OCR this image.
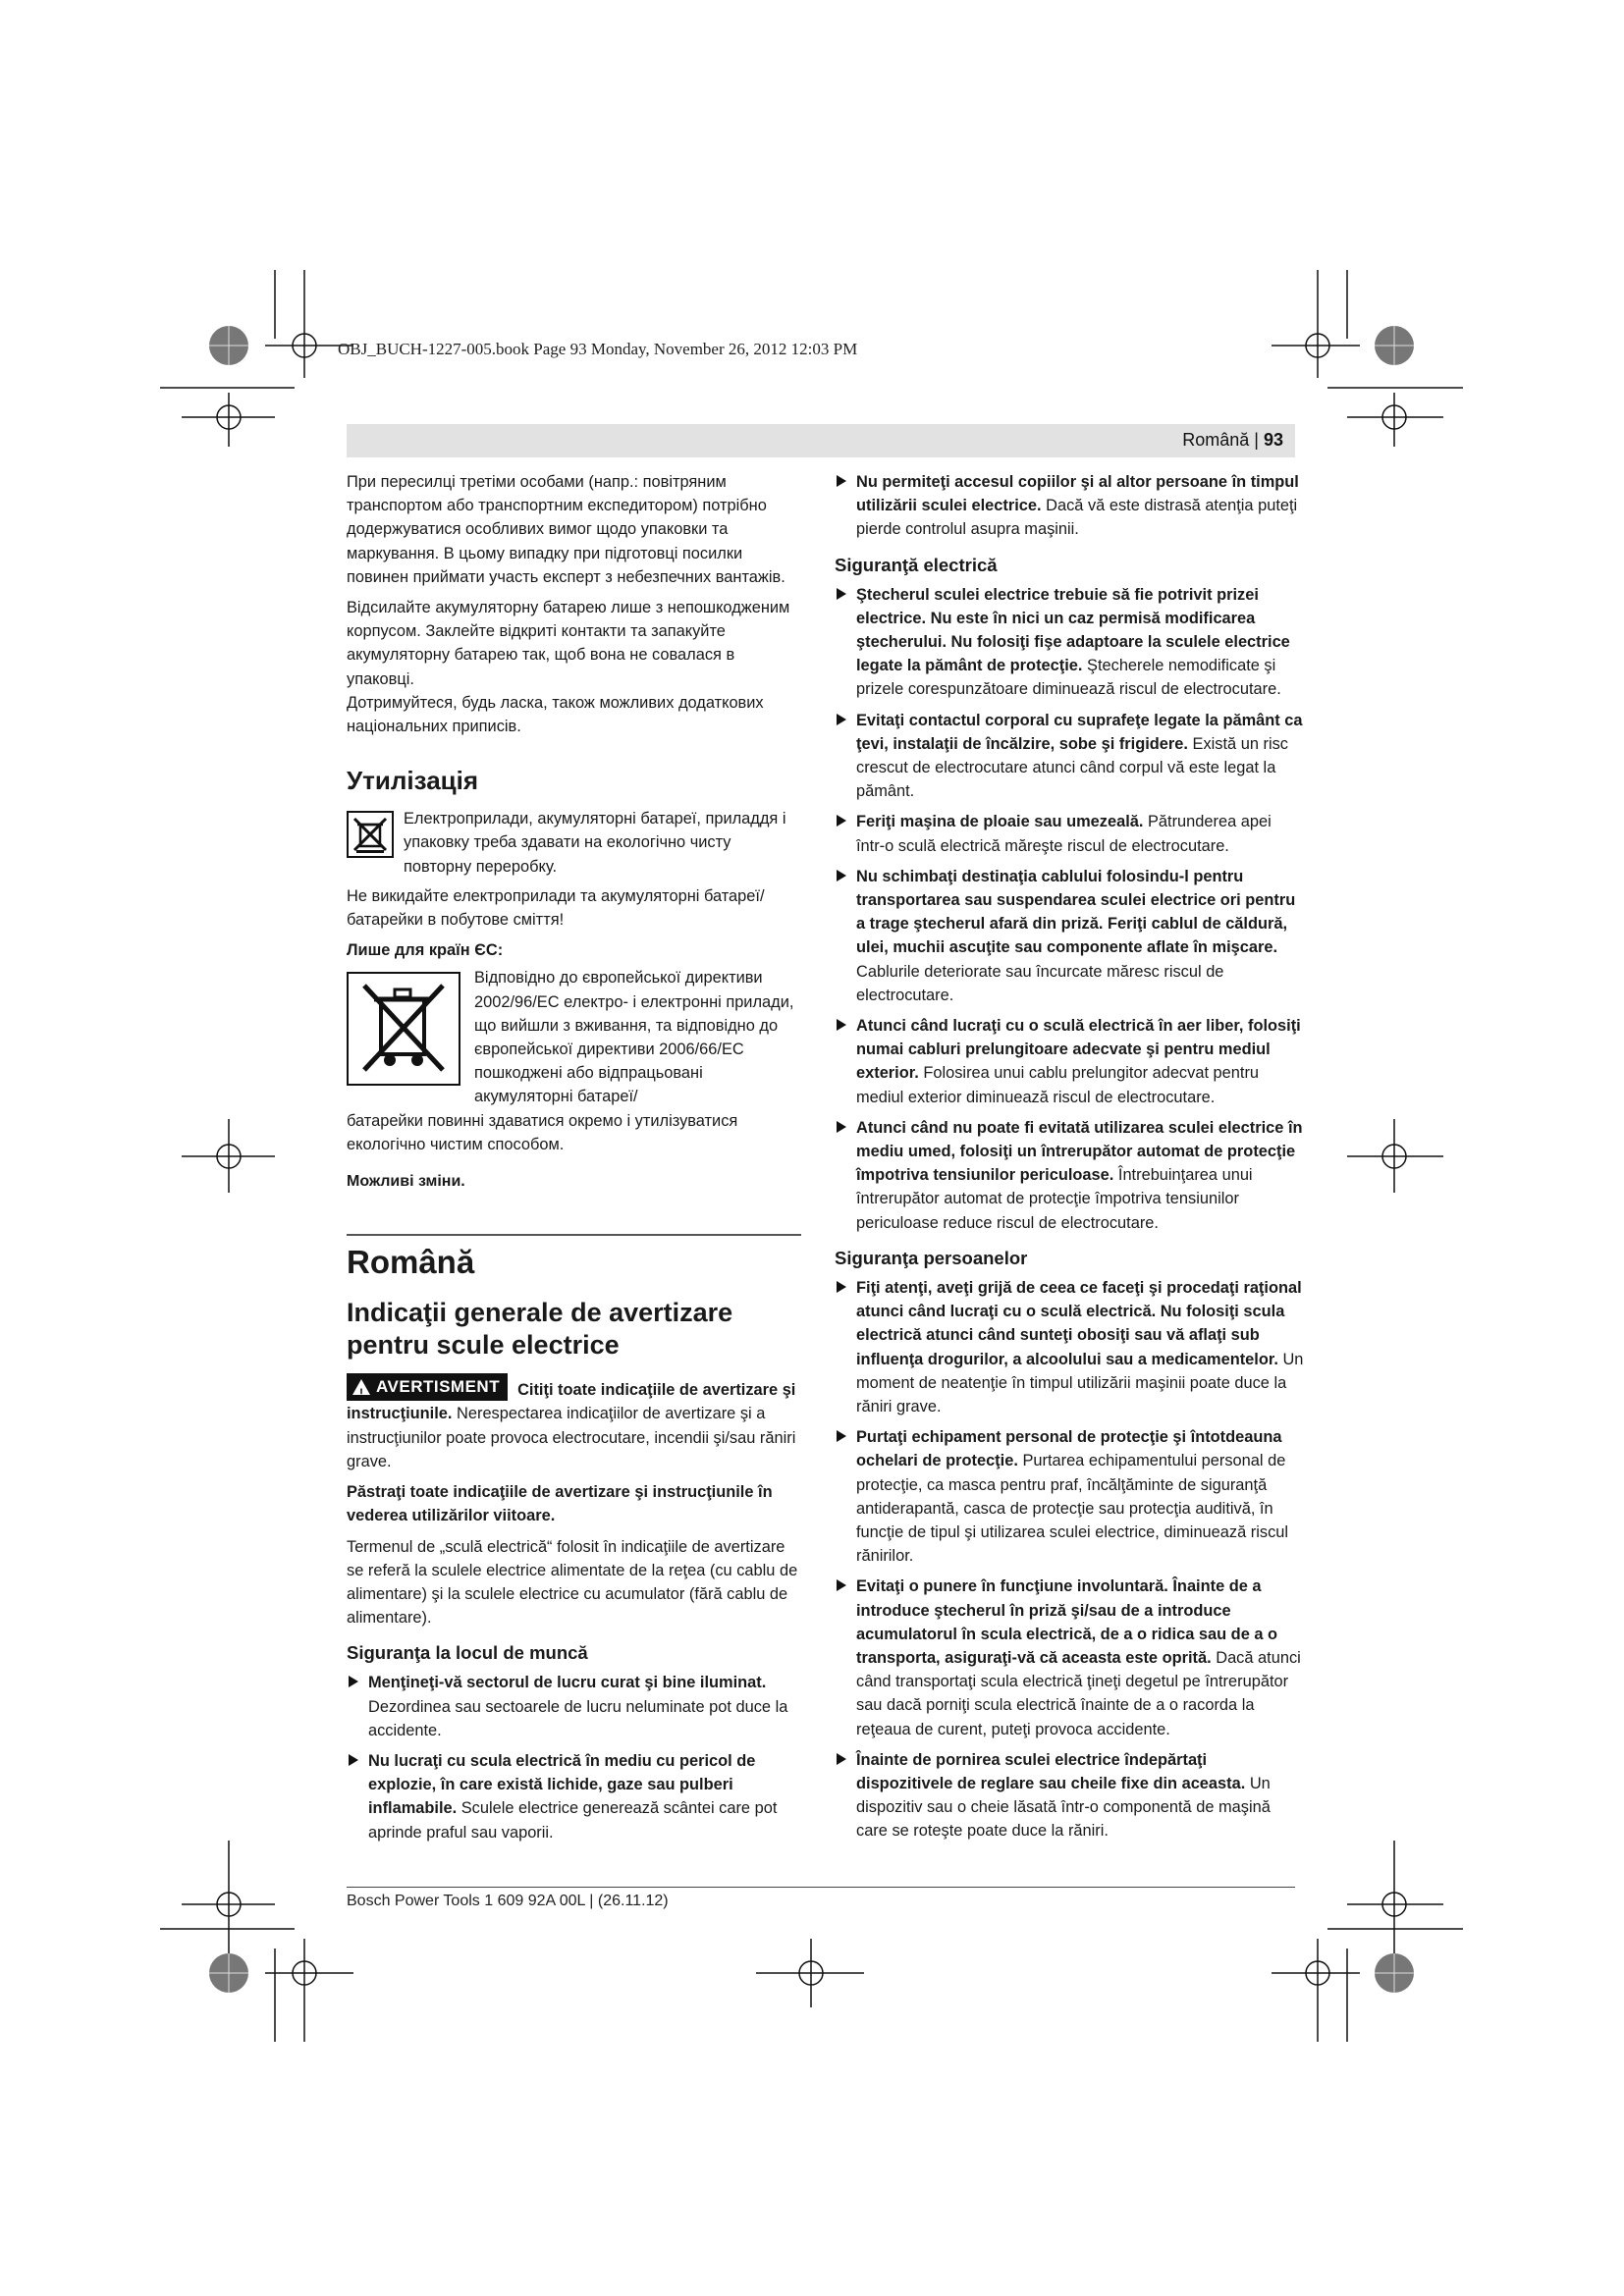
OBJ_BUCH-1227-005.book Page 93 Monday, November 26, 2012 12:03 PM
Română | 93

При пересилці третіми особами (напр.: повітряним транспортом або транспортним експедитором) потрібно додержуватися особливих вимог щодо упаковки та маркування. В цьому випадку при підготовці посилки повинен приймати участь експерт з небезпечних вантажів.

Відсилайте акумуляторну батарею лише з непошкодженим корпусом. Заклейте відкриті контакти та запакуйте акумуляторну батарею так, щоб вона не совалася в упаковці.

Дотримуйтеся, будь ласка, також можливих додаткових національних приписів.

Утилізація
Електроприлади, акумуляторні батареї, приладдя і упаковку треба здавати на екологічно чисту повторну переробку.

Не викидайте електроприлади та акумуляторні батареї/батарейки в побутове сміття!

Лише для країн ЄС:

Відповідно до європейської директиви 2002/96/EC електро- і електронні прилади, що вийшли з вживання, та відповідно до європейської директиви 2006/66/EC пошкоджені або відпрацьовані акумуляторні батареї/

батарейки повинні здаватися окремо і утилізуватися екологічно чистим способом.

Можливі зміни.

Română
Indicaţii generale de avertizare pentru scule electrice

! AVERTISMENT Citiţi toate indicaţiile de avertizare şi instrucţiunile. Nerespectarea indicaţiilor de avertizare şi a instrucţiunilor poate provoca electrocutare, incendii şi/sau răniri grave.

Păstraţi toate indicaţiile de avertizare şi instrucţiunile în vederea utilizărilor viitoare.

Termenul de „sculă electrică“ folosit în indicaţiile de avertizare se referă la sculele electrice alimentate de la reţea (cu cablu de alimentare) şi la sculele electrice cu acumulator (fără cablu de alimentare).

Siguranţa la locul de muncă
Menţineţi-vă sectorul de lucru curat şi bine iluminat. Dezordinea sau sectoarele de lucru neluminate pot duce la accidente.
Nu lucraţi cu scula electrică în mediu cu pericol de explozie, în care există lichide, gaze sau pulberi inflamabile. Sculele electrice generează scântei care pot aprinde praful sau vaporii.
Nu permiteţi accesul copiilor şi al altor persoane în timpul utilizării sculei electrice. Dacă vă este distrasă atenţia puteţi pierde controlul asupra maşinii.
Siguranţă electrică
Ştecherul sculei electrice trebuie să fie potrivit prizei electrice. Nu este în nici un caz permisă modificarea ştecherului. Nu folosiţi fişe adaptoare la sculele electrice legate la pământ de protecţie. Ştecherele nemodificate şi prizele corespunzătoare diminuează riscul de electrocutare.
Evitaţi contactul corporal cu suprafeţe legate la pământ ca ţevi, instalaţii de încălzire, sobe şi frigidere. Există un risc crescut de electrocutare atunci când corpul vă este legat la pământ.
Feriţi maşina de ploaie sau umezeală. Pătrunderea apei într-o sculă electrică măreşte riscul de electrocutare.
Nu schimbaţi destinaţia cablului folosindu-l pentru transportarea sau suspendarea sculei electrice ori pentru a trage ştecherul afară din priză. Feriţi cablul de căldură, ulei, muchii ascuţite sau componente aflate în mişcare. Cablurile deteriorate sau încurcate măresc riscul de electrocutare.
Atunci când lucraţi cu o sculă electrică în aer liber, folosiţi numai cabluri prelungitoare adecvate şi pentru mediul exterior. Folosirea unui cablu prelungitor adecvat pentru mediul exterior diminuează riscul de electrocutare.
Atunci când nu poate fi evitată utilizarea sculei electrice în mediu umed, folosiţi un întrerupător automat de protecţie împotriva tensiunilor periculoase. Întrebuinţarea unui întrerupător automat de protecţie împotriva tensiunilor periculoase reduce riscul de electrocutare.
Siguranţa persoanelor
Fiţi atenţi, aveţi grijă de ceea ce faceţi şi procedaţi raţional atunci când lucraţi cu o sculă electrică. Nu folosiţi scula electrică atunci când sunteţi obosiţi sau vă aflaţi sub influenţa drogurilor, a alcoolului sau a medicamentelor. Un moment de neatenţie în timpul utilizării maşinii poate duce la răniri grave.
Purtaţi echipament personal de protecţie şi întotdeauna ochelari de protecţie. Purtarea echipamentului personal de protecţie, ca masca pentru praf, încălţăminte de siguranţă antiderapantă, casca de protecţie sau protecţia auditivă, în funcţie de tipul şi utilizarea sculei electrice, diminuează riscul rănirilor.
Evitaţi o punere în funcţiune involuntară. Înainte de a introduce ştecherul în priză şi/sau de a introduce acumulatorul în scula electrică, de a o ridica sau de a o transporta, asiguraţi-vă că aceasta este oprită. Dacă atunci când transportaţi scula electrică ţineţi degetul pe întrerupător sau dacă porniţi scula electrică înainte de a o racorda la reţeaua de curent, puteţi provoca accidente.
Înainte de pornirea sculei electrice îndepărtaţi dispozitivele de reglare sau cheile fixe din aceasta. Un dispozitiv sau o cheie lăsată într-o componentă de maşină care se roteşte poate duce la răniri.
Bosch Power Tools 1 609 92A 00L | (26.11.12)
